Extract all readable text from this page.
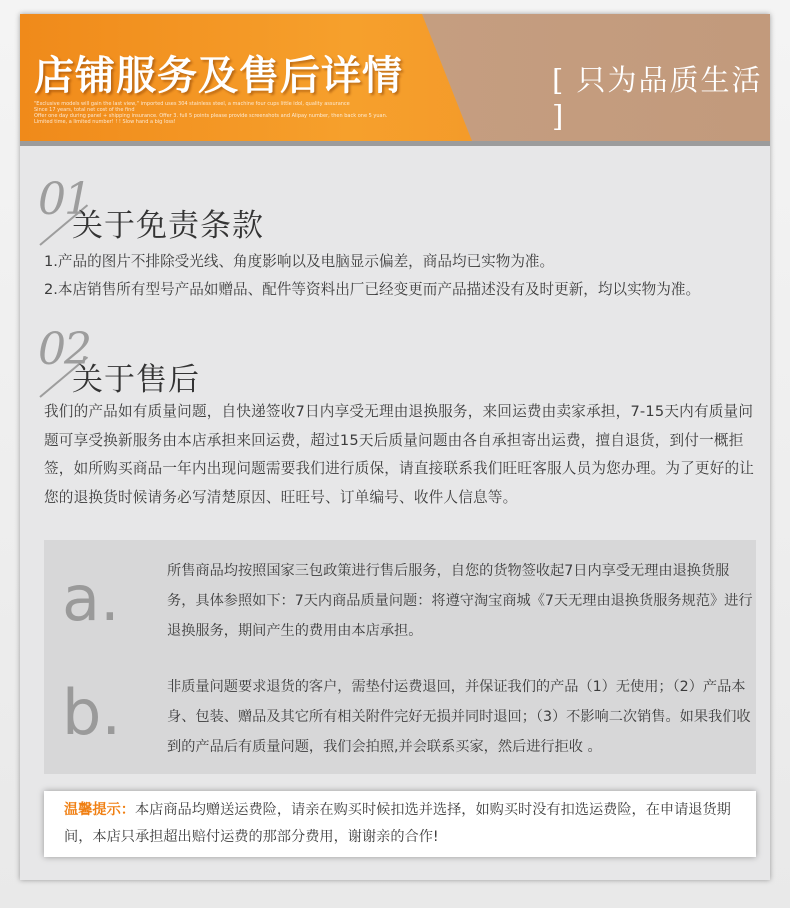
店铺服务及售后详情
"Exclusive models will gain the last view," imported uses 304 stainless steel, a machine four cups little idol, quality assurance
Since 17 years, total net cost of the find
Offer one day during panel + shipping insurance. Offer 3. full 5 points please provide screenshots and Alipay number, then back one 5 yuan.
Limited time, a limited number! ! ! Slow hand a big loss!
[ 只为品质生活 ]
01
关于免责条款
1.产品的图片不排除受光线、角度影响以及电脑显示偏差，商品均已实物为准。
2.本店销售所有型号产品如赠品、配件等资料出厂已经变更而产品描述没有及时更新，均以实物为准。
02
关于售后
我们的产品如有质量问题，自快递签收7日内享受无理由退换服务，来回运费由卖家承担，7-15天内有质量问题可享受换新服务由本店承担来回运费，超过15天后质量问题由各自承担寄出运费，擅自退货，到付一概拒签，如所购买商品一年内出现问题需要我们进行质保，请直接联系我们旺旺客服人员为您办理。为了更好的让您的退换货时候请务必写清楚原因、旺旺号、订单编号、收件人信息等。
a.	所售商品均按照国家三包政策进行售后服务，自您的货物签收起7日内享受无理由退换货服务，具体参照如下：7天内商品质量问题：将遵守淘宝商城《7天无理由退换货服务规范》进行退换服务，期间产生的费用由本店承担。
b.	非质量问题要求退货的客户，需垫付运费退回，并保证我们的产品（1）无使用；（2）产品本身、包装、赠品及其它所有相关附件完好无损并同时退回；（3）不影响二次销售。如果我们收到的产品后有质量问题，我们会拍照,并会联系买家，然后进行拒收 。
温馨提示：本店商品均赠送运费险，请亲在购买时候扣选并选择，如购买时没有扣选运费险，在申请退货期间，本店只承担超出赔付运费的那部分费用，谢谢亲的合作!
